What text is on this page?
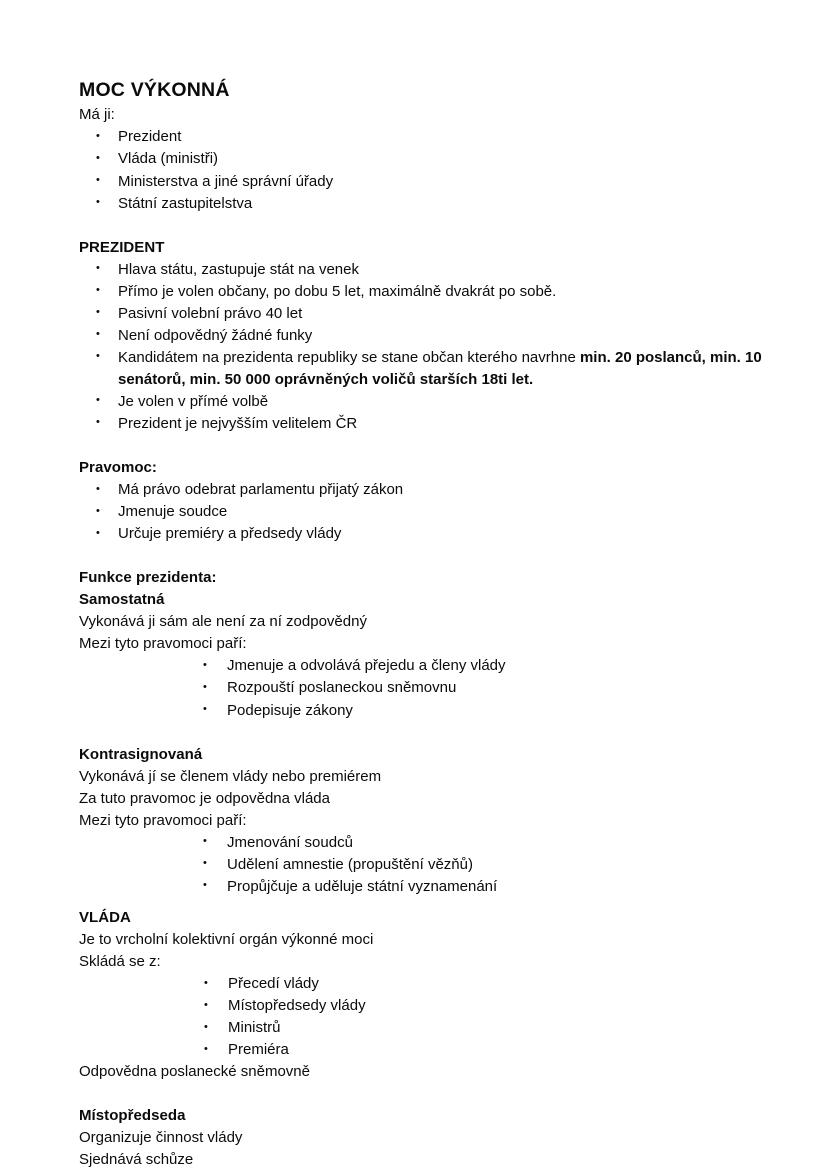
MOC VÝKONNÁ
Má ji:
• Prezident
• Vláda (ministři)
• Ministerstva a jiné správní úřady
• Státní zastupitelstva
PREZIDENT
• Hlava státu, zastupuje stát na venek
• Přímo je volen občany, po dobu 5 let, maximálně dvakrát po sobě.
• Pasivní volební právo 40 let
• Není odpovědný žádné funky
• Kandidátem na prezidenta republiky se stane občan kterého navrhne min. 20 poslanců, min. 10 senátorů, min. 50 000 oprávněných voličů starších 18ti let.
• Je volen v přímé volbě
• Prezident je nejvyšším velitelem ČR
Pravomoc:
• Má právo odebrat parlamentu přijatý zákon
• Jmenuje soudce
• Určuje premiéry a předsedy vlády
Funkce prezidenta:
Samostatná
Vykonává ji sám ale není za ní zodpovědný
Mezi tyto pravomoci paří:
• Jmenuje a odvolává přejedu a členy vlády
• Rozpouští poslaneckou sněmovnu
• Podepisuje zákony
Kontrasignovaná
Vykonává jí se členem vlády nebo premiérem
Za tuto pravomoc je odpovědna vláda
Mezi tyto pravomoci paří:
• Jmenování soudců
• Udělení amnestie (propuštění vězňů)
• Propůjčuje a uděluje státní vyznamenání
VLÁDA
Je to vrcholní kolektivní orgán výkonné moci
Skládá se z:
• Přecedí vlády
• Místopředsedy vlády
• Ministrů
• Premiéra
Odpovědna poslanecké sněmovně
Místopředseda
Organizuje činnost vlády
Sjednává schůze
